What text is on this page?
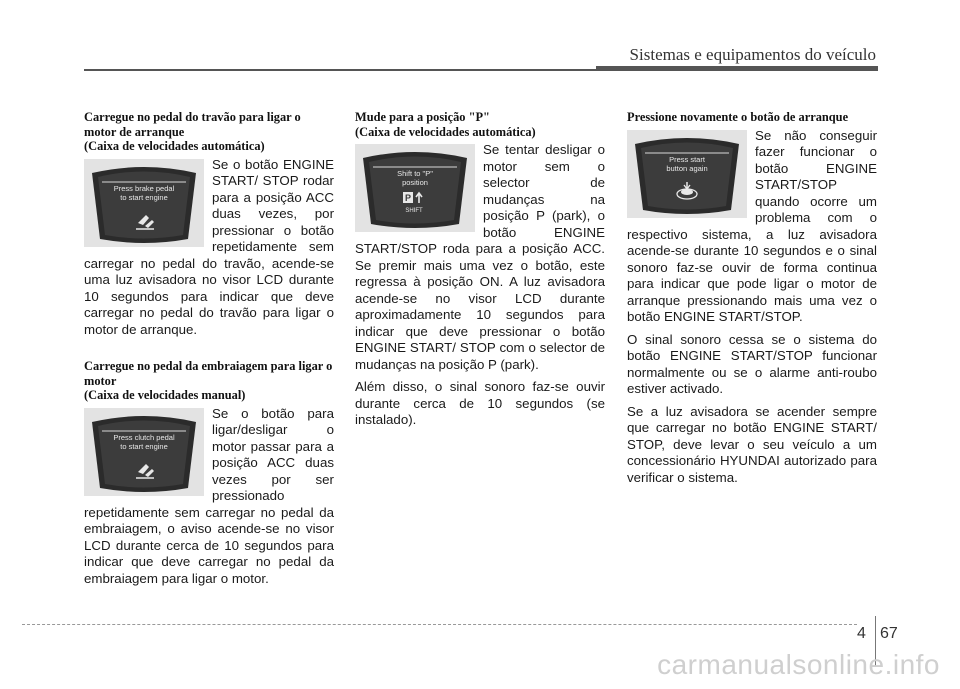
Sistemas e equipamentos do veículo
Carregue no pedal do travão para ligar o motor de arranque
(Caixa de velocidades automática)
Press brake pedal
to start engine

Se o botão ENGINE START/ STOP rodar para a posição ACC duas vezes, por pressionar o botão repetidamente sem carregar no pedal do travão, acende-se uma luz avisadora no visor LCD durante 10 segundos para indicar que deve carregar no pedal do travão para ligar o motor de arranque.

Carregue no pedal da embraiagem para ligar o motor
(Caixa de velocidades manual)
Press clutch pedal
to start engine

Se o botão para ligar/desligar o motor passar para a posição ACC duas vezes por ser pressionado repetidamente sem carregar no pedal da embraiagem, o aviso acende-se no visor LCD durante cerca de 10 segundos para indicar que deve carregar no pedal da embraiagem para ligar o motor.

Mude para a posição "P"
(Caixa de velocidades automática)
Shift to "P"
position
P
SHIFT

Se tentar desligar o motor sem o selector de mudanças na posição P (park), o botão ENGINE START/STOP roda para a posição ACC. Se premir mais uma vez o botão, este regressa à posição ON. A luz avisadora acende-se no visor LCD durante aproximadamente 10 segundos para indicar que deve pressionar o botão ENGINE START/ STOP com o selector de mudanças na posição P (park).

Além disso, o sinal sonoro faz-se ouvir durante cerca de 10 segundos (se instalado).

Pressione novamente o botão de arranque
Press start
button again

Se não conseguir fazer funcionar o botão ENGINE START/STOP quando ocorre um problema com o respectivo sistema, a luz avisadora acende-se durante 10 segundos e o sinal sonoro faz-se ouvir de forma continua para indicar que pode ligar o motor de arranque pressionando mais uma vez o botão ENGINE START/STOP.

O sinal sonoro cessa se o sistema do botão ENGINE START/STOP funcionar normalmente ou se o alarme anti-roubo estiver activado.

Se a luz avisadora se acender sempre que carregar no botão ENGINE START/ STOP, deve levar o seu veículo a um concessionário HYUNDAI autorizado para verificar o sistema.

4 67
carmanualsonline.info
